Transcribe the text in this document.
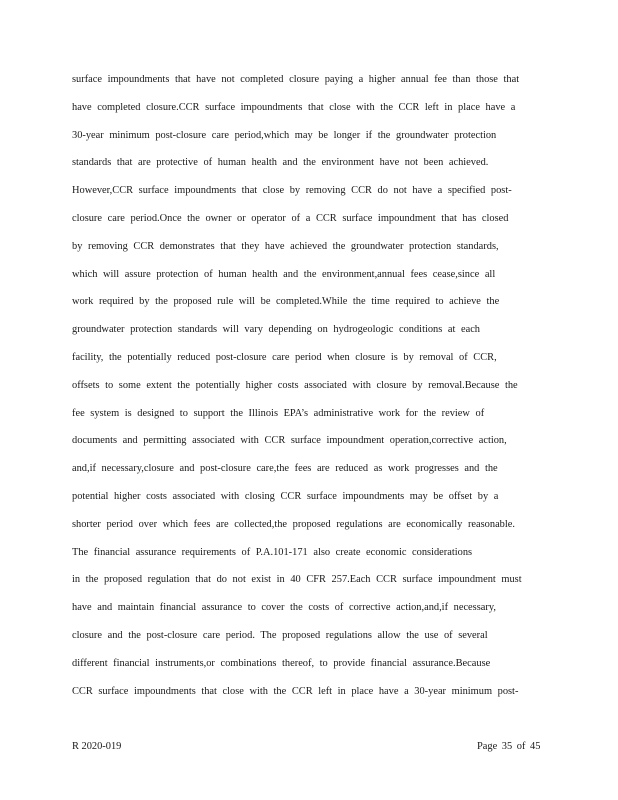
surface impoundments that have not completed closure paying a higher annual fee than those that
have completed closure.CCR surface impoundments that close with the CCR left in place have a
30-year minimum post-closure care period,which may be longer if the groundwater protection
standards that are protective of human health and the environment have not been achieved.
However,CCR surface impoundments that close by removing CCR do not have a specified post-
closure care period.Once the owner or operator of a CCR surface impoundment that has closed
by removing CCR demonstrates that they have achieved the groundwater protection standards,
which will assure protection of human health and the environment,annual fees cease,since all
work required by the proposed rule will be completed.While the time required to achieve the
groundwater protection standards will vary depending on hydrogeologic conditions at each
facility, the potentially reduced post-closure care period when closure is by removal of CCR,
offsets to some extent the potentially higher costs associated with closure by removal.Because the
fee system is designed to support the Illinois EPA’s administrative work for the review of
documents and permitting associated with CCR surface impoundment operation,corrective action,
and,if necessary,closure and post-closure care,the fees are reduced as work progresses and the
potential higher costs associated with closing CCR surface impoundments may be offset by a
shorter period over which fees are collected,the proposed regulations are economically reasonable.
The financial assurance requirements of P.A.101-171 also create economic considerations
in the proposed regulation that do not exist in 40 CFR 257.Each CCR surface impoundment must
have and maintain financial assurance to cover the costs of corrective action,and,if necessary,
closure and the post-closure care period. The proposed regulations allow the use of several
different financial instruments,or combinations thereof, to provide financial assurance.Because
CCR surface impoundments that close with the CCR left in place have a 30-year minimum post-
R 2020-019	Page 35 of 45
